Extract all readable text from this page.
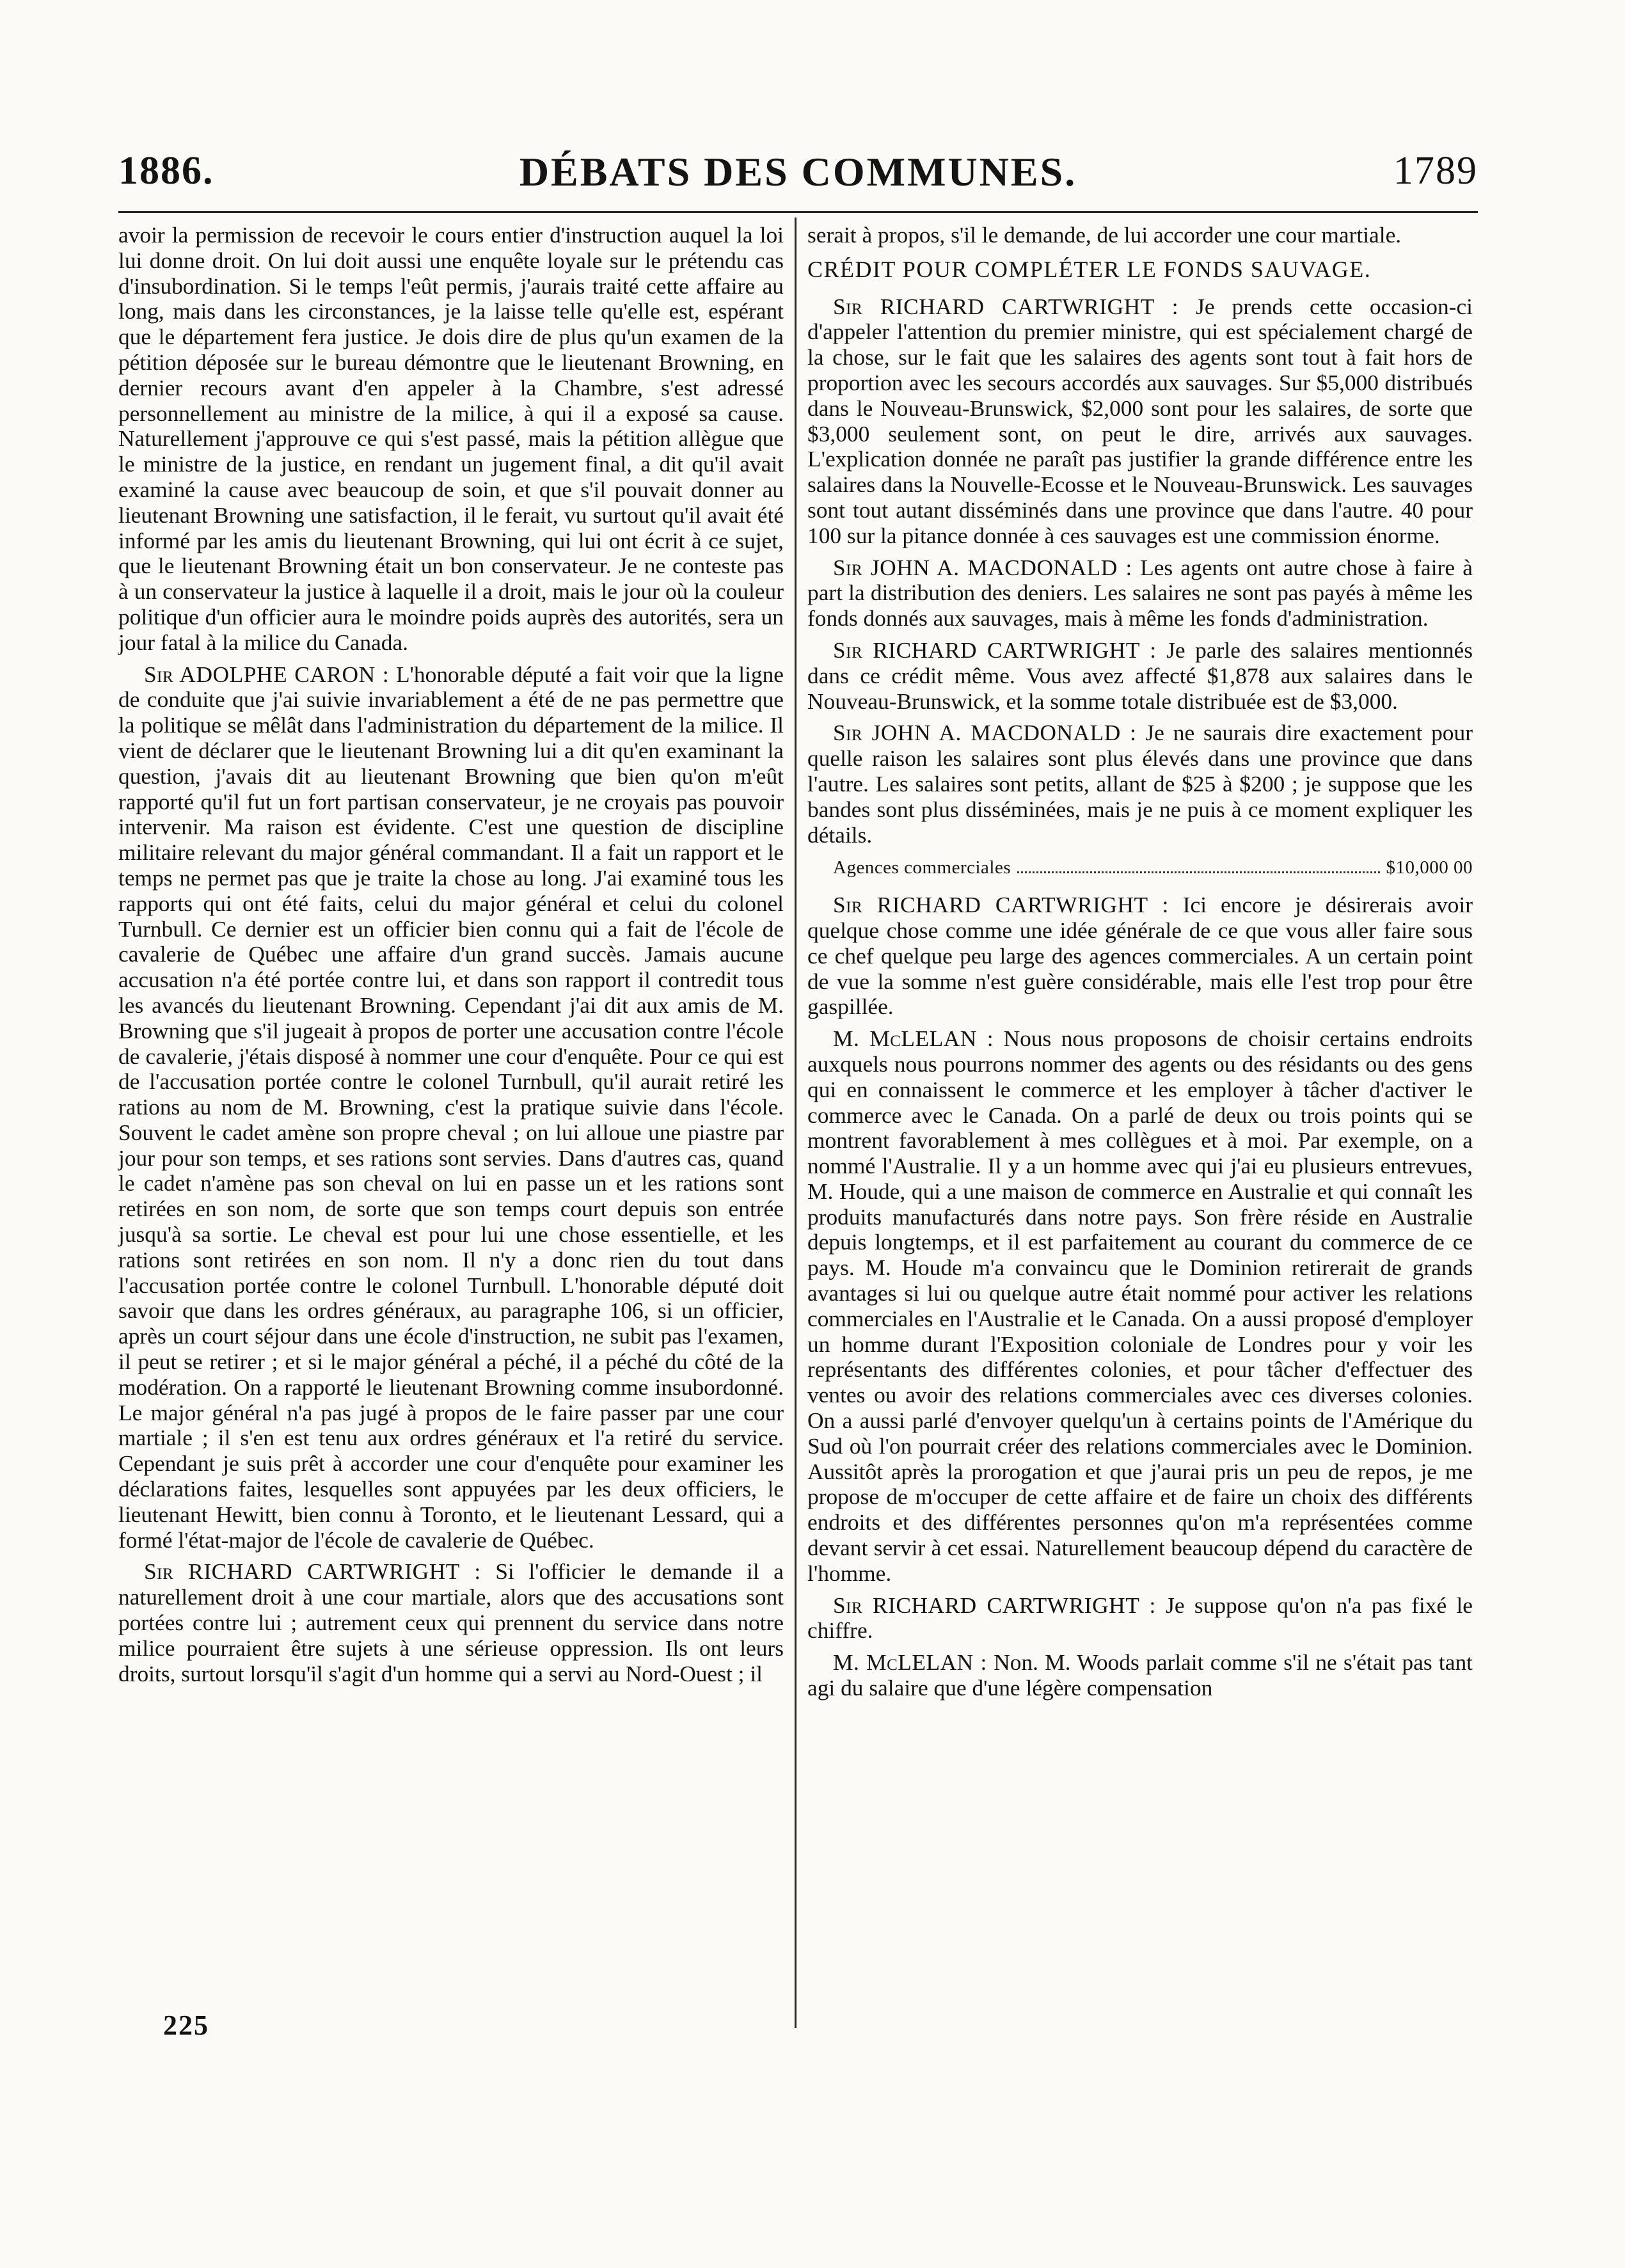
1886.	DÉBATS DES COMMUNES.	1789

avoir la permission de recevoir le cours entier d'instruction auquel la loi lui donne droit. On lui doit aussi une enquête loyale sur le prétendu cas d'insubordination. Si le temps l'eût permis, j'aurais traité cette affaire au long, mais dans les circonstances, je la laisse telle qu'elle est, espérant que le département fera justice. Je dois dire de plus qu'un examen de la pétition déposée sur le bureau démontre que le lieutenant Browning, en dernier recours avant d'en appeler à la Chambre, s'est adressé personnellement au ministre de la milice, à qui il a exposé sa cause. Naturellement j'approuve ce qui s'est passé, mais la pétition allègue que le ministre de la justice, en rendant un jugement final, a dit qu'il avait examiné la cause avec beaucoup de soin, et que s'il pouvait donner au lieutenant Browning une satisfaction, il le ferait, vu surtout qu'il avait été informé par les amis du lieutenant Browning, qui lui ont écrit à ce sujet, que le lieutenant Browning était un bon conservateur. Je ne conteste pas à un conservateur la justice à laquelle il a droit, mais le jour où la couleur politique d'un officier aura le moindre poids auprès des autorités, sera un jour fatal à la milice du Canada.

Sir ADOLPHE CARON : L'honorable député a fait voir que la ligne de conduite que j'ai suivie invariablement a été de ne pas permettre que la politique se mêlât dans l'administration du département de la milice. Il vient de déclarer que le lieutenant Browning lui a dit qu'en examinant la question, j'avais dit au lieutenant Browning que bien qu'on m'eût rapporté qu'il fut un fort partisan conservateur, je ne croyais pas pouvoir intervenir. Ma raison est évidente. C'est une question de discipline militaire relevant du major général commandant. Il a fait un rapport et le temps ne permet pas que je traite la chose au long. J'ai examiné tous les rapports qui ont été faits, celui du major général et celui du colonel Turnbull. Ce dernier est un officier bien connu qui a fait de l'école de cavalerie de Québec une affaire d'un grand succès. Jamais aucune accusation n'a été portée contre lui, et dans son rapport il contredit tous les avancés du lieutenant Browning. Cependant j'ai dit aux amis de M. Browning que s'il jugeait à propos de porter une accusation contre l'école de cavalerie, j'étais disposé à nommer une cour d'enquête. Pour ce qui est de l'accusation portée contre le colonel Turnbull, qu'il aurait retiré les rations au nom de M. Browning, c'est la pratique suivie dans l'école. Souvent le cadet amène son propre cheval ; on lui alloue une piastre par jour pour son temps, et ses rations sont servies. Dans d'autres cas, quand le cadet n'amène pas son cheval on lui en passe un et les rations sont retirées en son nom, de sorte que son temps court depuis son entrée jusqu'à sa sortie. Le cheval est pour lui une chose essentielle, et les rations sont retirées en son nom. Il n'y a donc rien du tout dans l'accusation portée contre le colonel Turnbull. L'honorable député doit savoir que dans les ordres généraux, au paragraphe 106, si un officier, après un court séjour dans une école d'instruction, ne subit pas l'examen, il peut se retirer ; et si le major général a péché, il a péché du côté de la modération. On a rapporté le lieutenant Browning comme insubordonné. Le major général n'a pas jugé à propos de le faire passer par une cour martiale ; il s'en est tenu aux ordres généraux et l'a retiré du service. Cependant je suis prêt à accorder une cour d'enquête pour examiner les déclarations faites, lesquelles sont appuyées par les deux officiers, le lieutenant Hewitt, bien connu à Toronto, et le lieutenant Lessard, qui a formé l'état-major de l'école de cavalerie de Québec.

Sir RICHARD CARTWRIGHT : Si l'officier le demande il a naturellement droit à une cour martiale, alors que des accusations sont portées contre lui ; autrement ceux qui prennent du service dans notre milice pourraient être sujets à une sérieuse oppression. Ils ont leurs droits, surtout lorsqu'il s'agit d'un homme qui a servi au Nord-Ouest ; il

serait à propos, s'il le demande, de lui accorder une cour martiale.

CRÉDIT POUR COMPLÉTER LE FONDS SAUVAGE.

Sir RICHARD CARTWRIGHT : Je prends cette occasion-ci d'appeler l'attention du premier ministre, qui est spécialement chargé de la chose, sur le fait que les salaires des agents sont tout à fait hors de proportion avec les secours accordés aux sauvages. Sur $5,000 distribués dans le Nouveau-Brunswick, $2,000 sont pour les salaires, de sorte que $3,000 seulement sont, on peut le dire, arrivés aux sauvages. L'explication donnée ne paraît pas justifier la grande différence entre les salaires dans la Nouvelle-Ecosse et le Nouveau-Brunswick. Les sauvages sont tout autant disséminés dans une province que dans l'autre. 40 pour 100 sur la pitance donnée à ces sauvages est une commission énorme.

Sir JOHN A. MACDONALD : Les agents ont autre chose à faire à part la distribution des deniers. Les salaires ne sont pas payés à même les fonds donnés aux sauvages, mais à même les fonds d'administration.

Sir RICHARD CARTWRIGHT : Je parle des salaires mentionnés dans ce crédit même. Vous avez affecté $1,878 aux salaires dans le Nouveau-Brunswick, et la somme totale distribuée est de $3,000.

Sir JOHN A. MACDONALD : Je ne saurais dire exactement pour quelle raison les salaires sont plus élevés dans une province que dans l'autre. Les salaires sont petits, allant de $25 à $200 ; je suppose que les bandes sont plus disséminées, mais je ne puis à ce moment expliquer les détails.

Agences commerciales	$10,000 00

Sir RICHARD CARTWRIGHT : Ici encore je désirerais avoir quelque chose comme une idée générale de ce que vous aller faire sous ce chef quelque peu large des agences commerciales. A un certain point de vue la somme n'est guère considérable, mais elle l'est trop pour être gaspillée.

M. McLELAN : Nous nous proposons de choisir certains endroits auxquels nous pourrons nommer des agents ou des résidants ou des gens qui en connaissent le commerce et les employer à tâcher d'activer le commerce avec le Canada. On a parlé de deux ou trois points qui se montrent favorablement à mes collègues et à moi. Par exemple, on a nommé l'Australie. Il y a un homme avec qui j'ai eu plusieurs entrevues, M. Houde, qui a une maison de commerce en Australie et qui connaît les produits manufacturés dans notre pays. Son frère réside en Australie depuis longtemps, et il est parfaitement au courant du commerce de ce pays. M. Houde m'a convaincu que le Dominion retirerait de grands avantages si lui ou quelque autre était nommé pour activer les relations commerciales en l'Australie et le Canada. On a aussi proposé d'employer un homme durant l'Exposition coloniale de Londres pour y voir les représentants des différentes colonies, et pour tâcher d'effectuer des ventes ou avoir des relations commerciales avec ces diverses colonies. On a aussi parlé d'envoyer quelqu'un à certains points de l'Amérique du Sud où l'on pourrait créer des relations commerciales avec le Dominion. Aussitôt après la prorogation et que j'aurai pris un peu de repos, je me propose de m'occuper de cette affaire et de faire un choix des différents endroits et des différentes personnes qu'on m'a représentées comme devant servir à cet essai. Naturellement beaucoup dépend du caractère de l'homme.

Sir RICHARD CARTWRIGHT : Je suppose qu'on n'a pas fixé le chiffre.

M. McLELAN : Non. M. Woods parlait comme s'il ne s'était pas tant agi du salaire que d'une légère compensation

225
